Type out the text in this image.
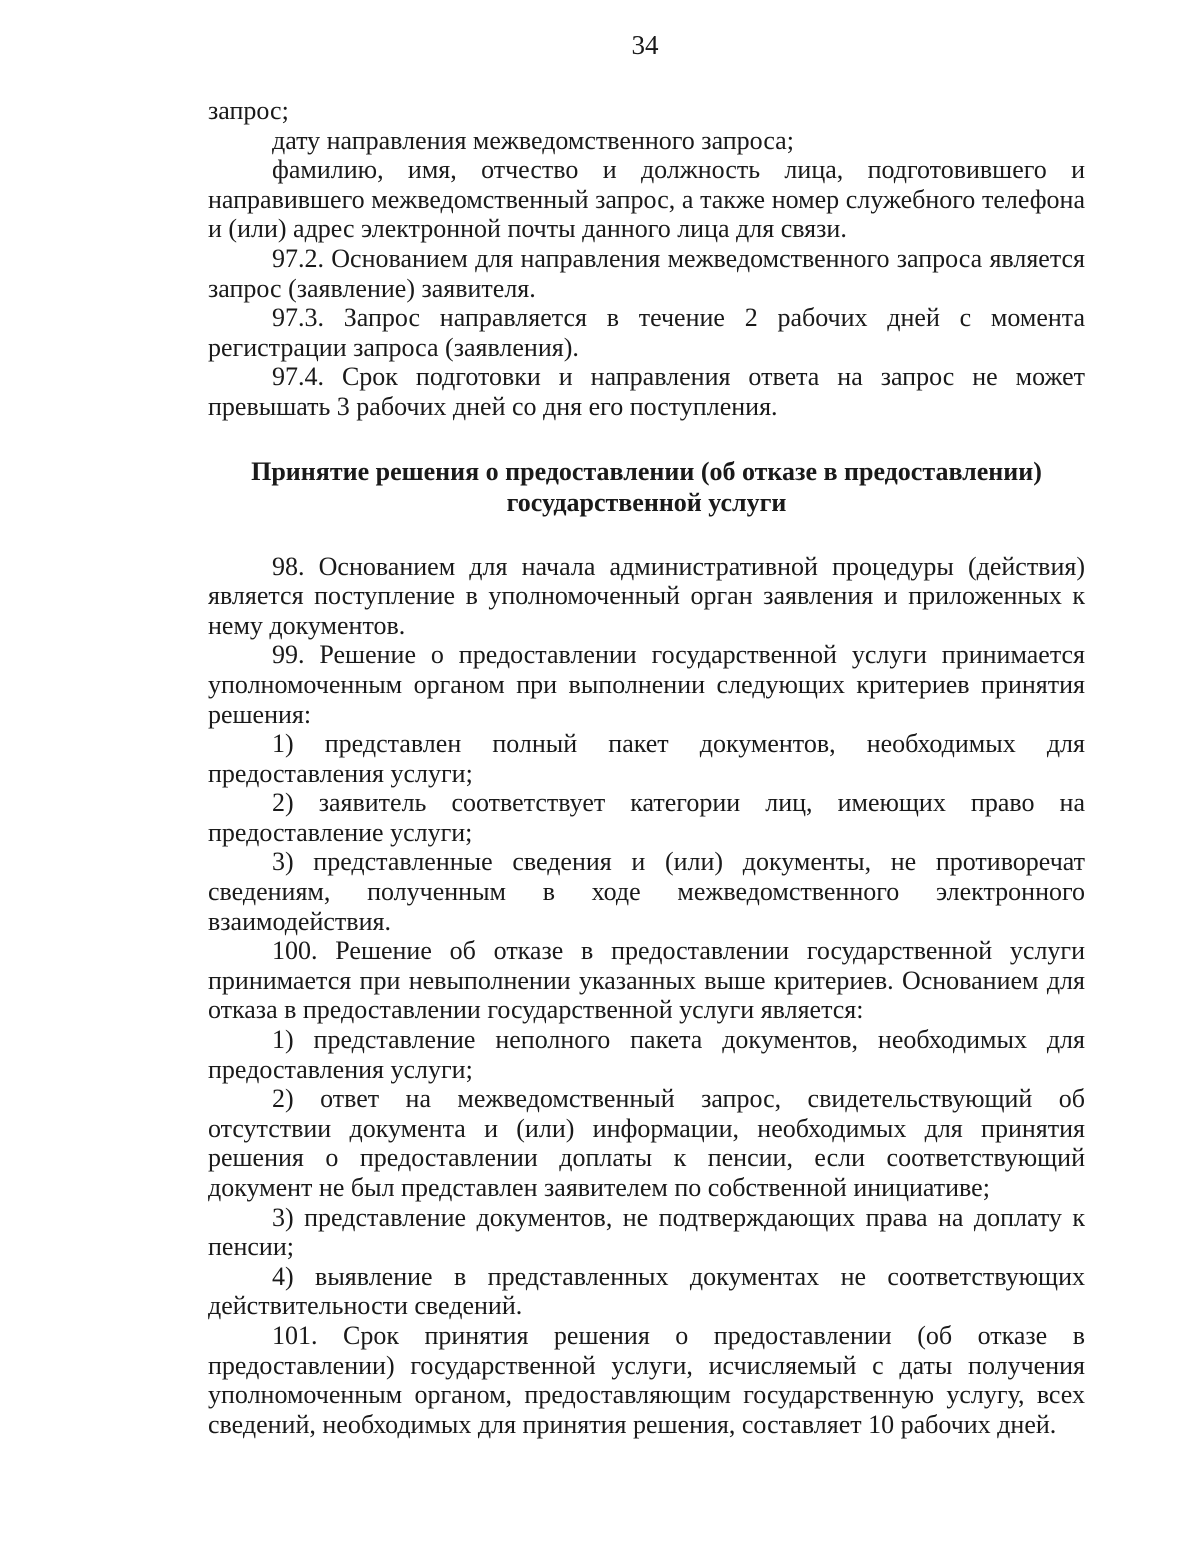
34

запрос;

дату направления межведомственного запроса;

фамилию, имя, отчество и должность лица, подготовившего и направившего межведомственный запрос, а также номер служебного телефона и (или) адрес электронной почты данного лица для связи.

97.2. Основанием для направления межведомственного запроса является запрос (заявление) заявителя.

97.3. Запрос направляется в течение 2 рабочих дней с момента регистрации запроса (заявления).

97.4. Срок подготовки и направления ответа на запрос не может превышать 3 рабочих дней со дня его поступления.

Принятие решения о предоставлении (об отказе в предоставлении)
государственной услуги

98. Основанием для начала административной процедуры (действия) является поступление в уполномоченный орган заявления и приложенных к нему документов.

99. Решение о предоставлении государственной услуги принимается уполномоченным органом при выполнении следующих критериев принятия решения:

1) представлен полный пакет документов, необходимых для предоставления услуги;

2) заявитель соответствует категории лиц, имеющих право на предоставление услуги;

3) представленные сведения и (или) документы, не противоречат сведениям, полученным в ходе межведомственного электронного взаимодействия.

100. Решение об отказе в предоставлении государственной услуги принимается при невыполнении указанных выше критериев. Основанием для отказа в предоставлении государственной услуги является:

1) представление неполного пакета документов, необходимых для предоставления услуги;

2) ответ на межведомственный запрос, свидетельствующий об отсутствии документа и (или) информации, необходимых для принятия решения о предоставлении доплаты к пенсии, если соответствующий документ не был представлен заявителем по собственной инициативе;

3) представление документов, не подтверждающих права на доплату к пенсии;

4) выявление в представленных документах не соответствующих действительности сведений.

101. Срок принятия решения о предоставлении (об отказе в предоставлении) государственной услуги, исчисляемый с даты получения уполномоченным органом, предоставляющим государственную услугу, всех сведений, необходимых для принятия решения, составляет 10 рабочих дней.
